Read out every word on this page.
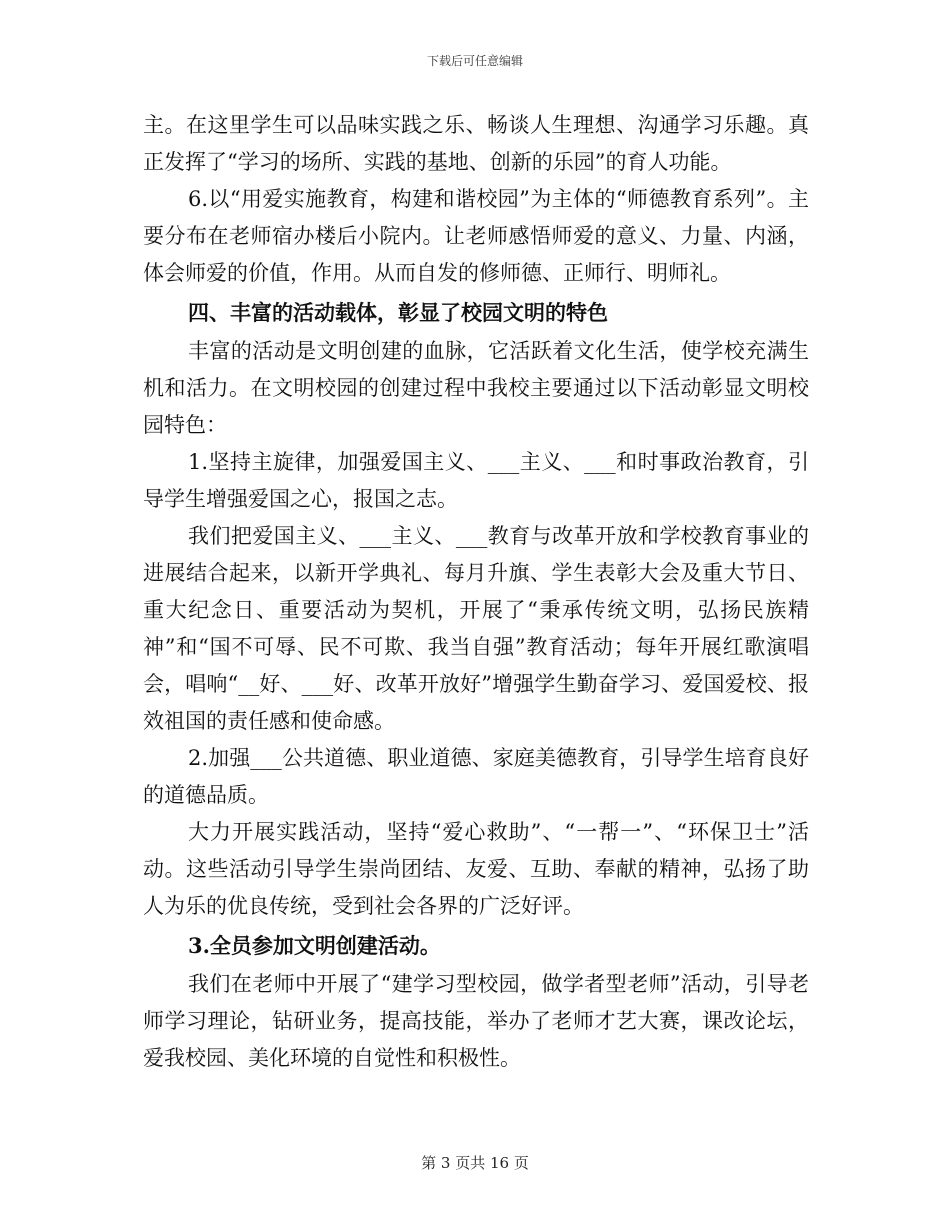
下载后可任意编辑

主。在这里学生可以品味实践之乐、畅谈人生理想、沟通学习乐趣。真正发挥了“学习的场所、实践的基地、创新的乐园”的育人功能。

6.以“用爱实施教育，构建和谐校园”为主体的“师德教育系列”。主要分布在老师宿办楼后小院内。让老师感悟师爱的意义、力量、内涵，体会师爱的价值，作用。从而自发的修师德、正师行、明师礼。

四、丰富的活动载体，彰显了校园文明的特色

丰富的活动是文明创建的血脉，它活跃着文化生活，使学校充满生机和活力。在文明校园的创建过程中我校主要通过以下活动彰显文明校园特色：

1.坚持主旋律，加强爱国主义、___主义、___和时事政治教育，引导学生增强爱国之心，报国之志。

我们把爱国主义、___主义、___教育与改革开放和学校教育事业的进展结合起来，以新开学典礼、每月升旗、学生表彰大会及重大节日、重大纪念日、重要活动为契机，开展了“秉承传统文明，弘扬民族精神”和“国不可辱、民不可欺、我当自强”教育活动；每年开展红歌演唱会，唱响“__好、___好、改革开放好”增强学生勤奋学习、爱国爱校、报效祖国的责任感和使命感。

2.加强___公共道德、职业道德、家庭美德教育，引导学生培育良好的道德品质。

大力开展实践活动，坚持“爱心救助”、“一帮一”、“环保卫士”活动。这些活动引导学生崇尚团结、友爱、互助、奉献的精神，弘扬了助人为乐的优良传统，受到社会各界的广泛好评。

3.全员参加文明创建活动。

我们在老师中开展了“建学习型校园，做学者型老师”活动，引导老师学习理论，钻研业务，提高技能，举办了老师才艺大赛，课改论坛，爱我校园、美化环境的自觉性和积极性。

第 3 页共 16 页
